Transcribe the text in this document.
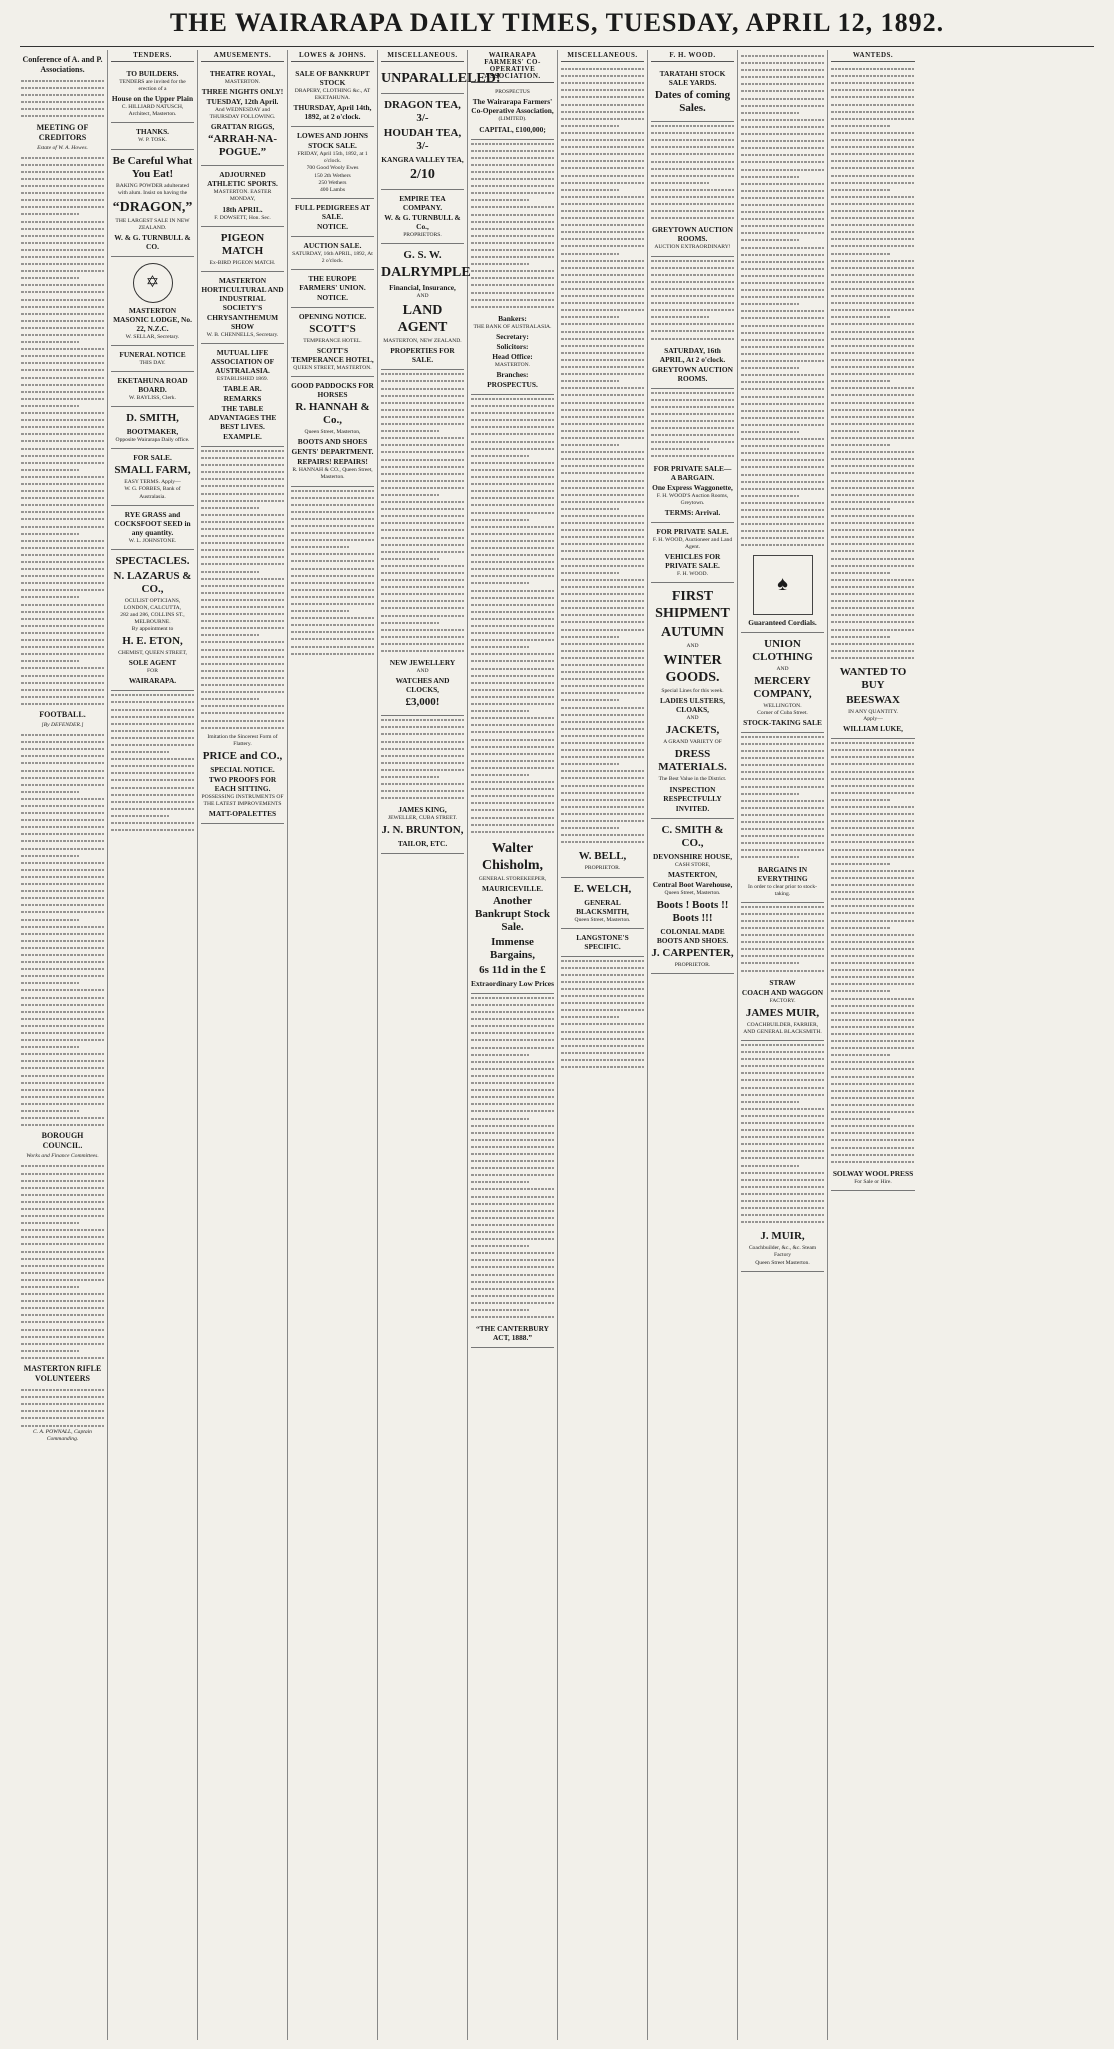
THE WAIRARAPA DAILY TIMES, TUESDAY, APRIL 12, 1892.
Conference of A. and P. Associations.
MEETING OF CREDITORS
Estate of W. A. Howes.
FOOTBALL.
[By DEFENDER.]
BOROUGH COUNCIL.
Works and Finance Committees.
MASTERTON RIFLE VOLUNTEERS
C. A. POWNALL, Captain Commanding.
TENDERS.
TO BUILDERS.
TENDERS are invited for the erection of a
House on the Upper Plain
C. HILLIARD NATUSCH, Architect, Masterton.
THANKS.
W. P. TOSK.
Be Careful What You Eat!
BAKING POWDER adulterated with alum. Insist on having the
“DRAGON,”
THE LARGEST SALE IN NEW ZEALAND.
W. & G. TURNBULL & CO.
✡
MASTERTON MASONIC LODGE, No. 22, N.Z.C.
W. SELLAR, Secretary.
FUNERAL NOTICE
THIS DAY.
EKETAHUNA ROAD BOARD.
W. BAYLISS, Clerk.
D. SMITH,
BOOTMAKER,
Opposite Wairarapa Daily office.
FOR SALE.
SMALL FARM,
EASY TERMS. Apply—
W. G. FORBES, Bank of Australasia.
RYE GRASS and COCKSFOOT SEED in any quantity.
W. L. JOHNSTONE.
SPECTACLES.
N. LAZARUS & CO.,
OCULIST OPTICIANS,
LONDON, CALCUTTA,
282 and 286, COLLINS ST., MELBOURNE.
By appointment to
H. E. ETON,
CHEMIST, QUEEN STREET,
SOLE AGENT
FOR
WAIRARAPA.
AMUSEMENTS.
THEATRE ROYAL,
MASTERTON.
THREE NIGHTS ONLY!
TUESDAY, 12th April.
And WEDNESDAY and THURSDAY FOLLOWING.
GRATTAN RIGGS,
“ARRAH-NA-POGUE.”
ADJOURNED ATHLETIC SPORTS.
MASTERTON. EASTER MONDAY,
18th APRIL.
F. DOWSETT, Hon. Sec.
PIGEON MATCH
Ex-BIRD PIGEON MATCH.
MASTERTON HORTICULTURAL AND INDUSTRIAL SOCIETY'S
CHRYSANTHEMUM SHOW
W. B. CHENNELLS, Secretary.
MUTUAL LIFE ASSOCIATION OF AUSTRALASIA.
ESTABLISHED 1869.
TABLE AR.
REMARKS
THE TABLE ADVANTAGES THE BEST LIVES.
EXAMPLE.
Imitation the Sincerest Form of Flattery.
PRICE and CO.,
SPECIAL NOTICE.
TWO PROOFS FOR EACH SITTING.
POSSESSING INSTRUMENTS OF THE LATEST IMPROVEMENTS
MATT-OPALETTES
LOWES & JOHNS.
SALE OF BANKRUPT STOCK
DRAPERY, CLOTHING &c., AT EKETAHUNA.
THURSDAY, April 14th, 1892, at 2 o'clock.
LOWES AND JOHNS
STOCK SALE.
FRIDAY, April 15th, 1892, at 1 o'clock.
700 Good Wooly Ewes
150 2th Wethers
250 Wethers
400 Lambs
FULL PEDIGREES AT SALE.
NOTICE.
AUCTION SALE.
SATURDAY, 16th APRIL, 1892, At 2 o'clock.
THE EUROPE FARMERS' UNION.
NOTICE.
OPENING NOTICE.
SCOTT'S
TEMPERANCE HOTEL.
SCOTT'S TEMPERANCE HOTEL,
QUEEN STREET, MASTERTON.
GOOD PADDOCKS FOR HORSES
R. HANNAH & Co.,
Queen Street, Masterton,
BOOTS AND SHOES
GENTS' DEPARTMENT.
REPAIRS! REPAIRS!
R. HANNAH & CO., Queen Street, Masterton.
MISCELLANEOUS.
UNPARALLELED!
DRAGON TEA, 3/-
HOUDAH TEA, 3/-
KANGRA VALLEY TEA,
2/10
EMPIRE TEA COMPANY.
W. & G. TURNBULL & Co.,
PROPRIETORS.
G. S. W.
DALRYMPLE
Financial, Insurance,
AND
LAND AGENT
MASTERTON, NEW ZEALAND.
PROPERTIES FOR SALE.
NEW JEWELLERY
AND
WATCHES AND CLOCKS,
£3,000!
JAMES KING,
JEWELLER, CUBA STREET.
J. N. BRUNTON,
TAILOR, ETC.
WAIRARAPA FARMERS' CO-OPERATIVE ASSOCIATION.
PROSPECTUS
The Wairarapa Farmers' Co-Operative Association,
(LIMITED).
CAPITAL, £100,000;
Bankers:
THE BANK OF AUSTRALASIA.
Secretary:
Solicitors:
Head Office:
MASTERTON.
Branches:
PROSPECTUS.
Walter Chisholm,
GENERAL STOREKEEPER,
MAURICEVILLE.
Another Bankrupt Stock Sale.
Immense Bargains,
6s 11d in the £
Extraordinary Low Prices
“THE CANTERBURY ACT, 1888.”
MISCELLANEOUS.
W. BELL,
PROPRIETOR.
E. WELCH,
GENERAL BLACKSMITH,
Queen Street, Masterton.
LANGSTONE'S SPECIFIC.
F. H. WOOD.
TARATAHI STOCK SALE YARDS.
Dates of coming Sales.
GREYTOWN AUCTION ROOMS.
AUCTION EXTRAORDINARY!
SATURDAY, 16th APRIL, At 2 o'clock.
GREYTOWN AUCTION ROOMS.
FOR PRIVATE SALE—A BARGAIN.
One Express Waggonette,
F. H. WOOD'S Auction Rooms, Greytown.
TERMS: Arrival.
FOR PRIVATE SALE.
F. H. WOOD, Auctioneer and Land Agent.
VEHICLES FOR PRIVATE SALE.
F. H. WOOD.
FIRST SHIPMENT
AUTUMN
AND
WINTER GOODS.
Special Lines for this week.
LADIES ULSTERS, CLOAKS,
AND
JACKETS,
A GRAND VARIETY OF
DRESS MATERIALS.
The Best Value in the District.
INSPECTION RESPECTFULLY
INVITED.
C. SMITH & CO.,
DEVONSHIRE HOUSE,
CASH STORE,
MASTERTON,
Central Boot Warehouse,
Queen Street, Masterton.
Boots ! Boots !! Boots !!!
COLONIAL MADE BOOTS AND SHOES.
J. CARPENTER,
PROPRIETOR.
♠
Guaranteed Cordials.
UNION CLOTHING
AND
MERCERY COMPANY,
WELLINGTON.
Corner of Cuba Street.
STOCK-TAKING SALE
BARGAINS IN EVERYTHING
In order to clear prior to stock-taking.
STRAW
COACH AND WAGGON
FACTORY.
JAMES MUIR,
COACHBUILDER, FARRIER, AND GENERAL BLACKSMITH.
J. MUIR,
Coachbuilder, &c., &c. Steam Factory
Queen Street Masterton.
WANTEDS.
WANTED TO BUY
BEESWAX
IN ANY QUANTITY.
Apply—
WILLIAM LUKE,
SOLWAY WOOL PRESS
For Sale or Hire.
